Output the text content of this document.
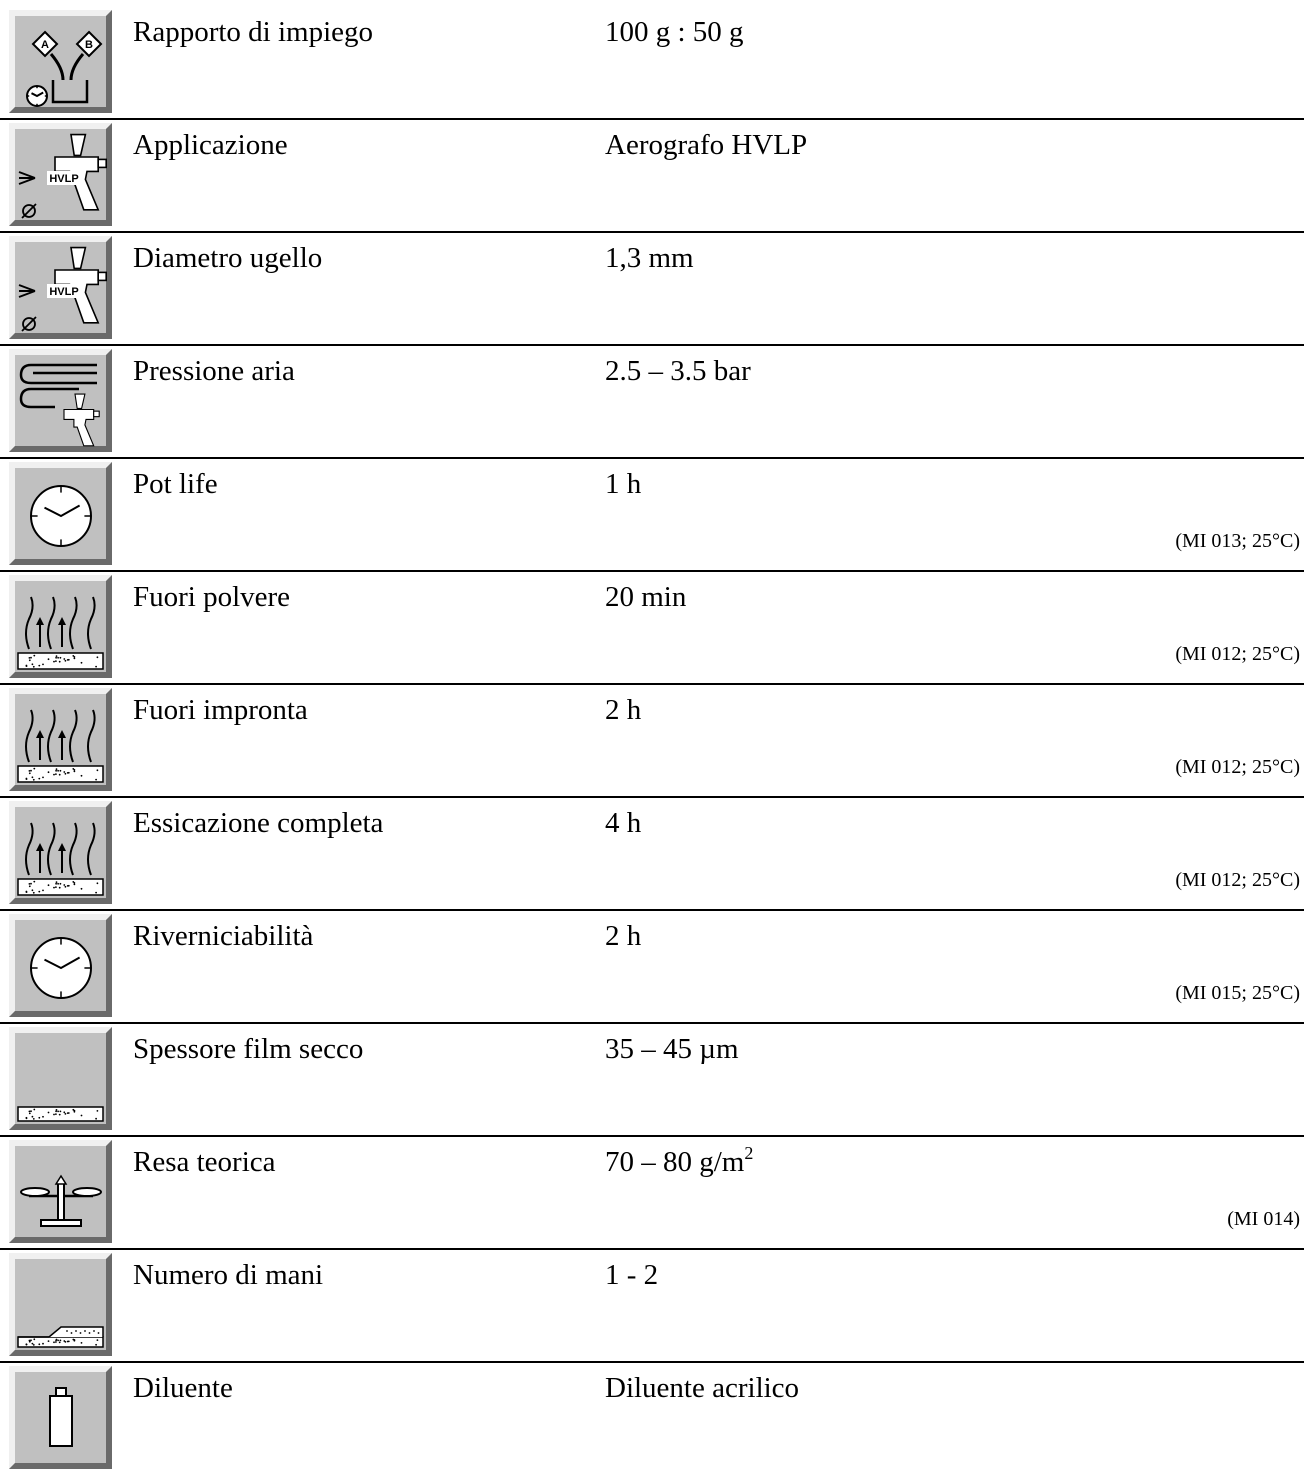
A	B Rapporto di impiego	100 g : 50 g
HVLP
Applicazione	Aerografo HVLP
HVLP
Diametro ugello	1,3 mm
Pressione aria	2.5 – 3.5 bar
Pot life	1 h
(MI 013; 25°C)
Fuori polvere	20 min
(MI 012; 25°C)
Fuori impronta	2 h
(MI 012; 25°C)
Essicazione completa	4 h
(MI 012; 25°C)
Riverniciabilità	2 h
(MI 015; 25°C)
Spessore film secco	35 – 45 µm
Resa teorica	70 – 80 $g/m^2$
(MI 014)
Numero di mani	1 - 2
Diluente	Diluente acrilico
